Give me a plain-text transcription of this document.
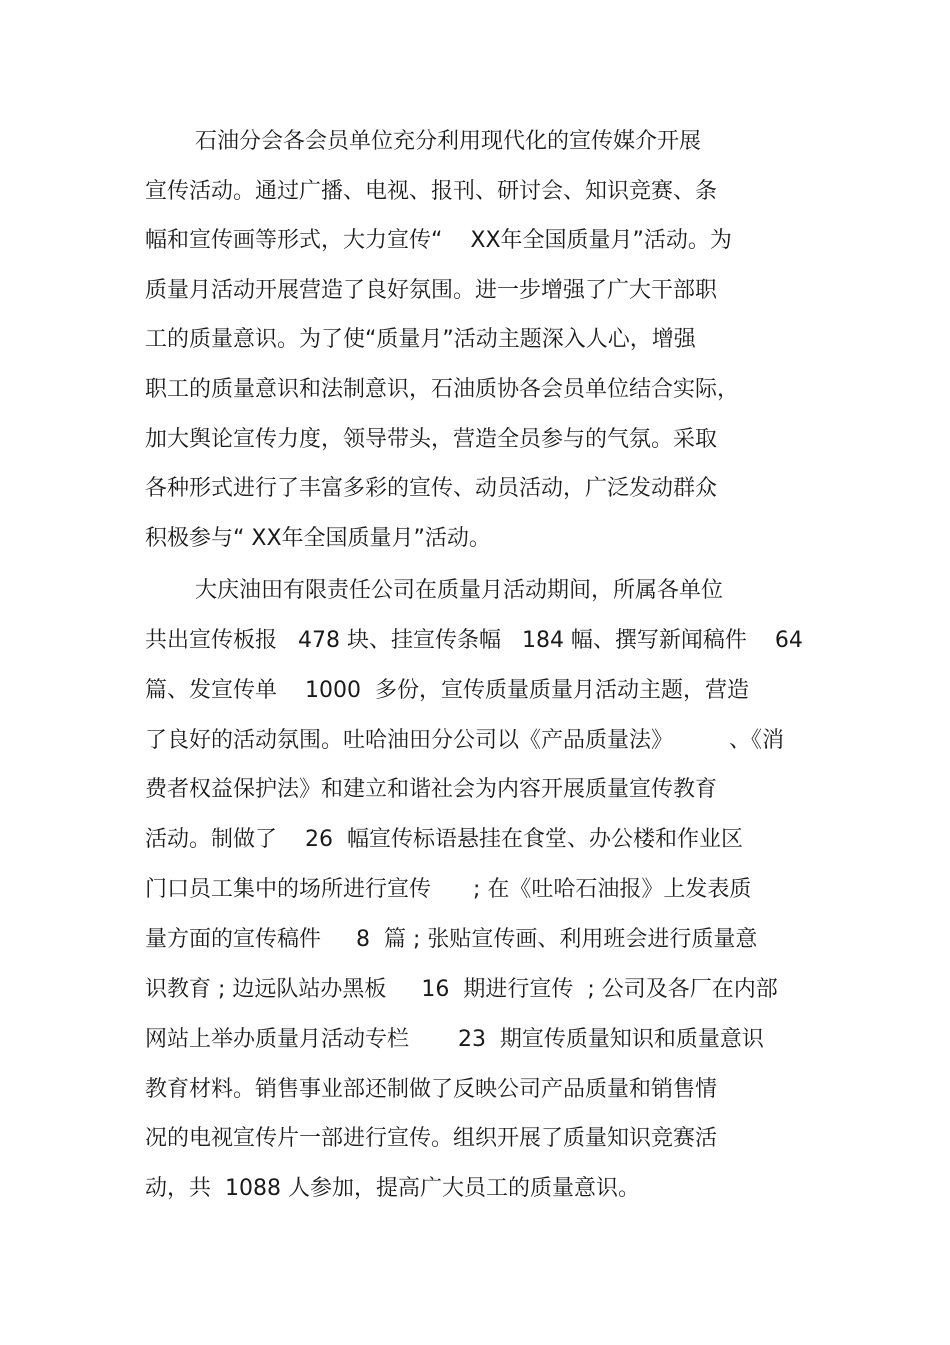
石油分会各会员单位充分利用现代化的宣传媒介开展
宣传活动。通过广播、电视、报刊、研讨会、知识竞赛、条
幅和宣传画等形式，大力宣传“    XX年全国质量月”活动。为
质量月活动开展营造了良好氛围。进一步增强了广大干部职
工的质量意识。为了使“质量月”活动主题深入人心，增强
职工的质量意识和法制意识，石油质协各会员单位结合实际，
加大舆论宣传力度，领导带头，营造全员参与的气氛。采取
各种形式进行了丰富多彩的宣传、动员活动，广泛发动群众
积极参与“ XX年全国质量月”活动。
大庆油田有限责任公司在质量月活动期间，所属各单位
共出宣传板报   478 块、挂宣传条幅   184 幅、撰写新闻稿件    64
篇、发宣传单    1000  多份，宣传质量质量月活动主题，营造
了良好的活动氛围。吐哈油田分公司以《产品质量法》        、《消
费者权益保护法》和建立和谐社会为内容开展质量宣传教育
活动。制做了    26  幅宣传标语悬挂在食堂、办公楼和作业区
门口员工集中的场所进行宣传      ; 在《吐哈石油报》上发表质
量方面的宣传稿件     8  篇 ; 张贴宣传画、利用班会进行质量意
识教育 ; 边远队站办黑板     16  期进行宣传  ; 公司及各厂在内部
网站上举办质量月活动专栏       23  期宣传质量知识和质量意识
教育材料。销售事业部还制做了反映公司产品质量和销售情
况的电视宣传片一部进行宣传。组织开展了质量知识竞赛活
动，共  1088 人参加，提高广大员工的质量意识。
